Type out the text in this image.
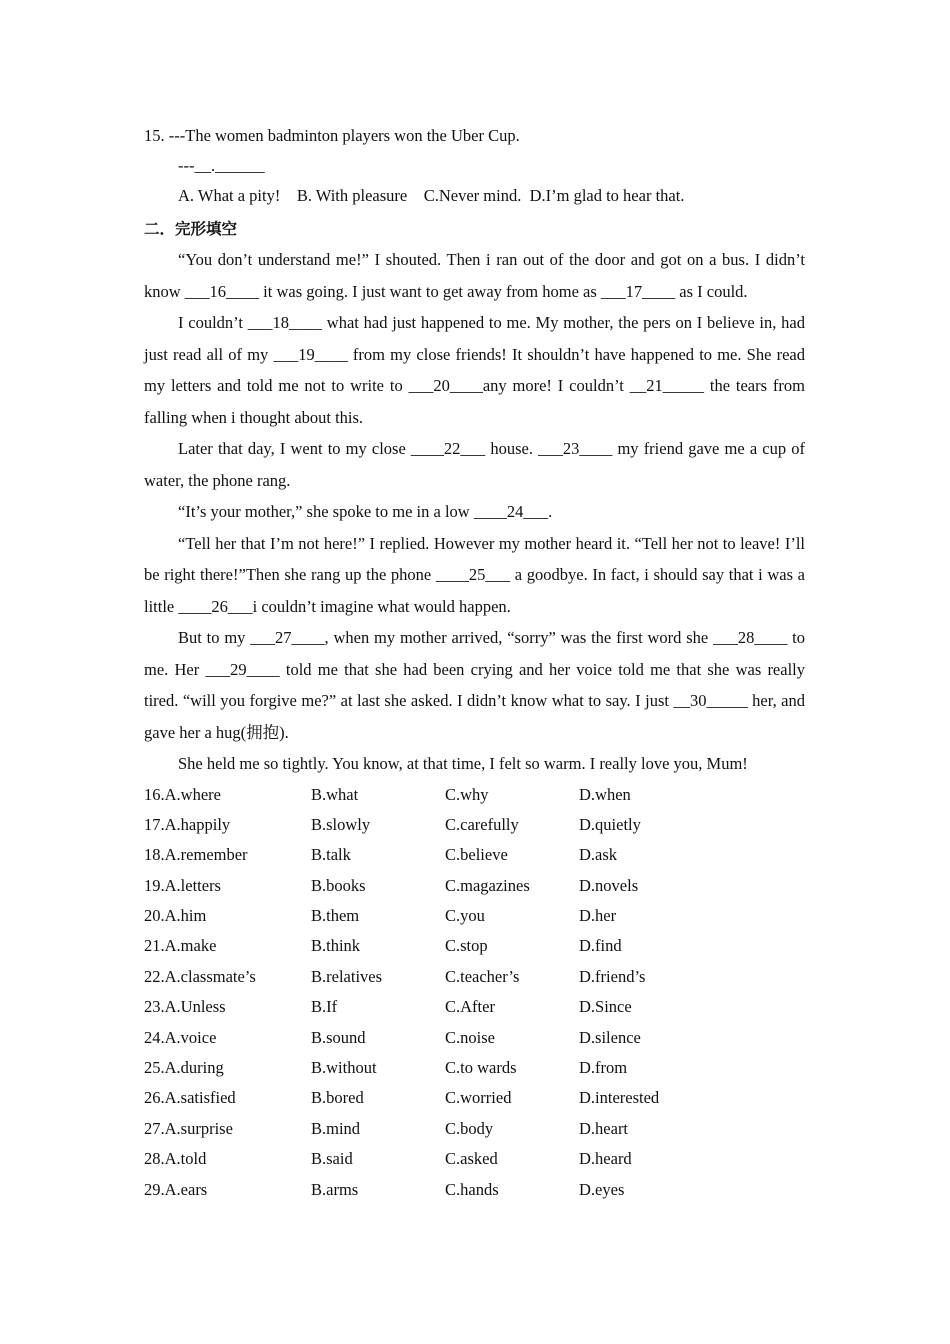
15. ---The women badminton players won the Uber Cup.
---__.______
A. What a pity!    B. With pleasure    C.Never mind.  D.I’m glad to hear that.
二．完形填空

“You don’t understand me!” I shouted. Then i ran out of the door and got on a bus. I didn’t know ___16____ it was going. I just want to get away from home as ___17____ as I could.

I couldn’t ___18____ what had just happened to me. My mother, the pers on I believe in, had just read all of my ___19____ from my close friends! It shouldn’t have happened to me. She read my letters and told me not to write to ___20____any more! I couldn’t __21_____ the tears from falling when i thought about this.

Later that day, I went to my close ____22___ house. ___23____ my friend gave me a cup of water, the phone rang.

“It’s your mother,” she spoke to me in a low ____24___.

“Tell her that I’m not here!” I replied. However my mother heard it. “Tell her not to leave! I’ll be right there!”Then she rang up the phone ____25___ a goodbye. In fact, i should say that i was a little ____26___i couldn’t imagine what would happen.

But to my ___27____, when my mother arrived, “sorry” was the first word she ___28____ to me. Her ___29____ told me that she had been crying and her voice told me that she was really tired. “will you forgive me?” at last she asked. I didn’t know what to say. I just __30_____ her, and gave her a hug(拥抱).

She held me so tightly. You know, at that time, I felt so warm. I really love you, Mum!

16.A.where	B.what	C.why	D.when
17.A.happily	B.slowly	C.carefully	D.quietly
18.A.remember	B.talk	C.believe	D.ask
19.A.letters	B.books	C.magazines	D.novels
20.A.him	B.them	C.you	D.her
21.A.make	B.think	C.stop	D.find
22.A.classmate’s	B.relatives	C.teacher’s	D.friend’s
23.A.Unless	B.If	C.After	D.Since
24.A.voice	B.sound	C.noise	D.silence
25.A.during	B.without	C.to wards	D.from
26.A.satisfied	B.bored	C.worried	D.interested
27.A.surprise	B.mind	C.body	D.heart
28.A.told	B.said	C.asked	D.heard
29.A.ears	B.arms	C.hands	D.eyes
